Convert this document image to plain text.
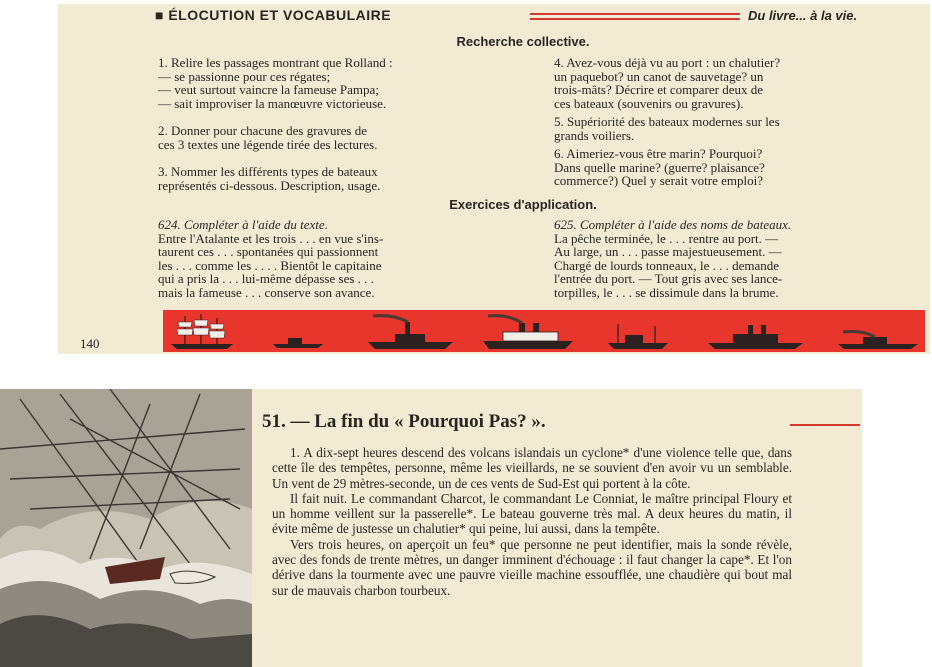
■ ÉLOCUTION ET VOCABULAIRE	Du livre... à la vie.
Recherche collective.
1. Relire les passages montrant que Rolland :
— se passionne pour ces régates;
— veut surtout vaincre la fameuse Pampa;
— sait improviser la manœuvre victorieuse.
2. Donner pour chacune des gravures de
ces 3 textes une légende tirée des lectures.
3. Nommer les différents types de bateaux
représentés ci-dessous. Description, usage.
4. Avez-vous déjà vu au port : un chalutier?
un paquebot? un canot de sauvetage? un
trois-mâts? Décrire et comparer deux de
ces bateaux (souvenirs ou gravures).
5. Supériorité des bateaux modernes sur les
grands voiliers.
6. Aimeriez-vous être marin? Pourquoi?
Dans quelle marine? (guerre? plaisance?
commerce?) Quel y serait votre emploi?
Exercices d'application.
624. Compléter à l'aide du texte.
Entre l'Atalante et les trois . . . en vue s'ins-
taurent ces . . . spontanées qui passionnent
les . . . comme les . . . . Bientôt le capitaine
qui a pris la . . . lui-même dépasse ses . . .
mais la fameuse . . . conserve son avance.
625. Compléter à l'aide des noms de bateaux.
La pêche terminée, le . . . rentre au port. —
Au large, un . . . passe majestueusement. —
Chargé de lourds tonneaux, le . . . demande
l'entrée du port. — Tout gris avec ses lance-
torpilles, le . . . se dissimule dans la brume.
140
51. — La fin du « Pourquoi Pas? ».

1. A dix-sept heures descend des volcans islandais un cyclone* d'une violence telle que, dans cette île des tempêtes, personne, même les vieillards, ne se souvient d'en avoir vu un semblable. Un vent de 29 mètres-seconde, un de ces vents de Sud-Est qui portent à la côte.

Il fait nuit. Le commandant Charcot, le commandant Le Conniat, le maître principal Floury et un homme veillent sur la passerelle*. Le bateau gouverne très mal. A deux heures du matin, il évite même de justesse un chalutier* qui peine, lui aussi, dans la tempête.

Vers trois heures, on aperçoit un feu* que personne ne peut identifier, mais la sonde révèle, avec des fonds de trente mètres, un danger imminent d'échouage : il faut changer la cape*. Et l'on dérive dans la tourmente avec une pauvre vieille machine essoufflée, une chaudière qui bout mal sur de mauvais charbon tourbeux.
